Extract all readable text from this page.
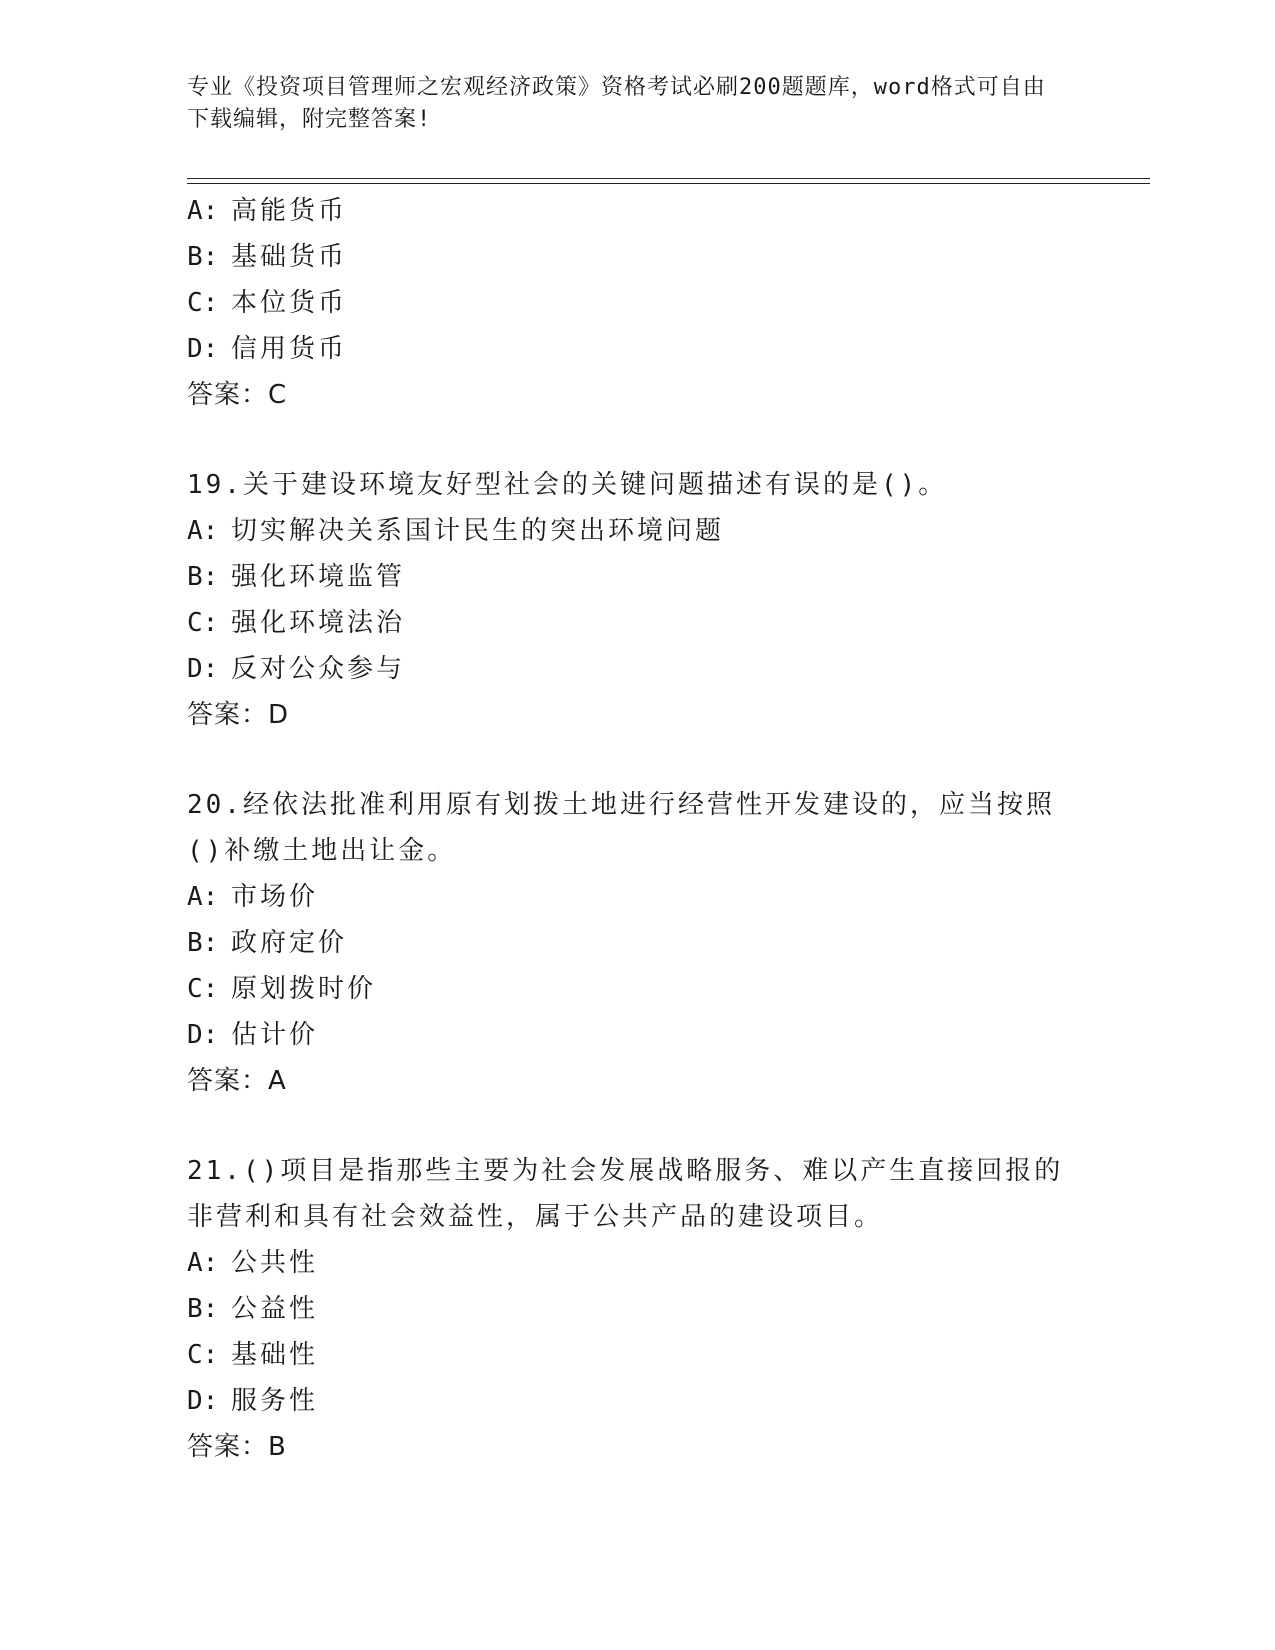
专业《投资项目管理师之宏观经济政策》资格考试必刷200题题库，word格式可自由下载编辑，附完整答案!
A: 高能货币
B: 基础货币
C: 本位货币
D: 信用货币
答案：C
19.关于建设环境友好型社会的关键问题描述有误的是()。
A: 切实解决关系国计民生的突出环境问题
B: 强化环境监管
C: 强化环境法治
D: 反对公众参与
答案：D
20.经依法批准利用原有划拨土地进行经营性开发建设的，应当按照()补缴土地出让金。
A: 市场价
B: 政府定价
C: 原划拨时价
D: 估计价
答案：A
21.()项目是指那些主要为社会发展战略服务、难以产生直接回报的非营利和具有社会效益性，属于公共产品的建设项目。
A: 公共性
B: 公益性
C: 基础性
D: 服务性
答案：B
